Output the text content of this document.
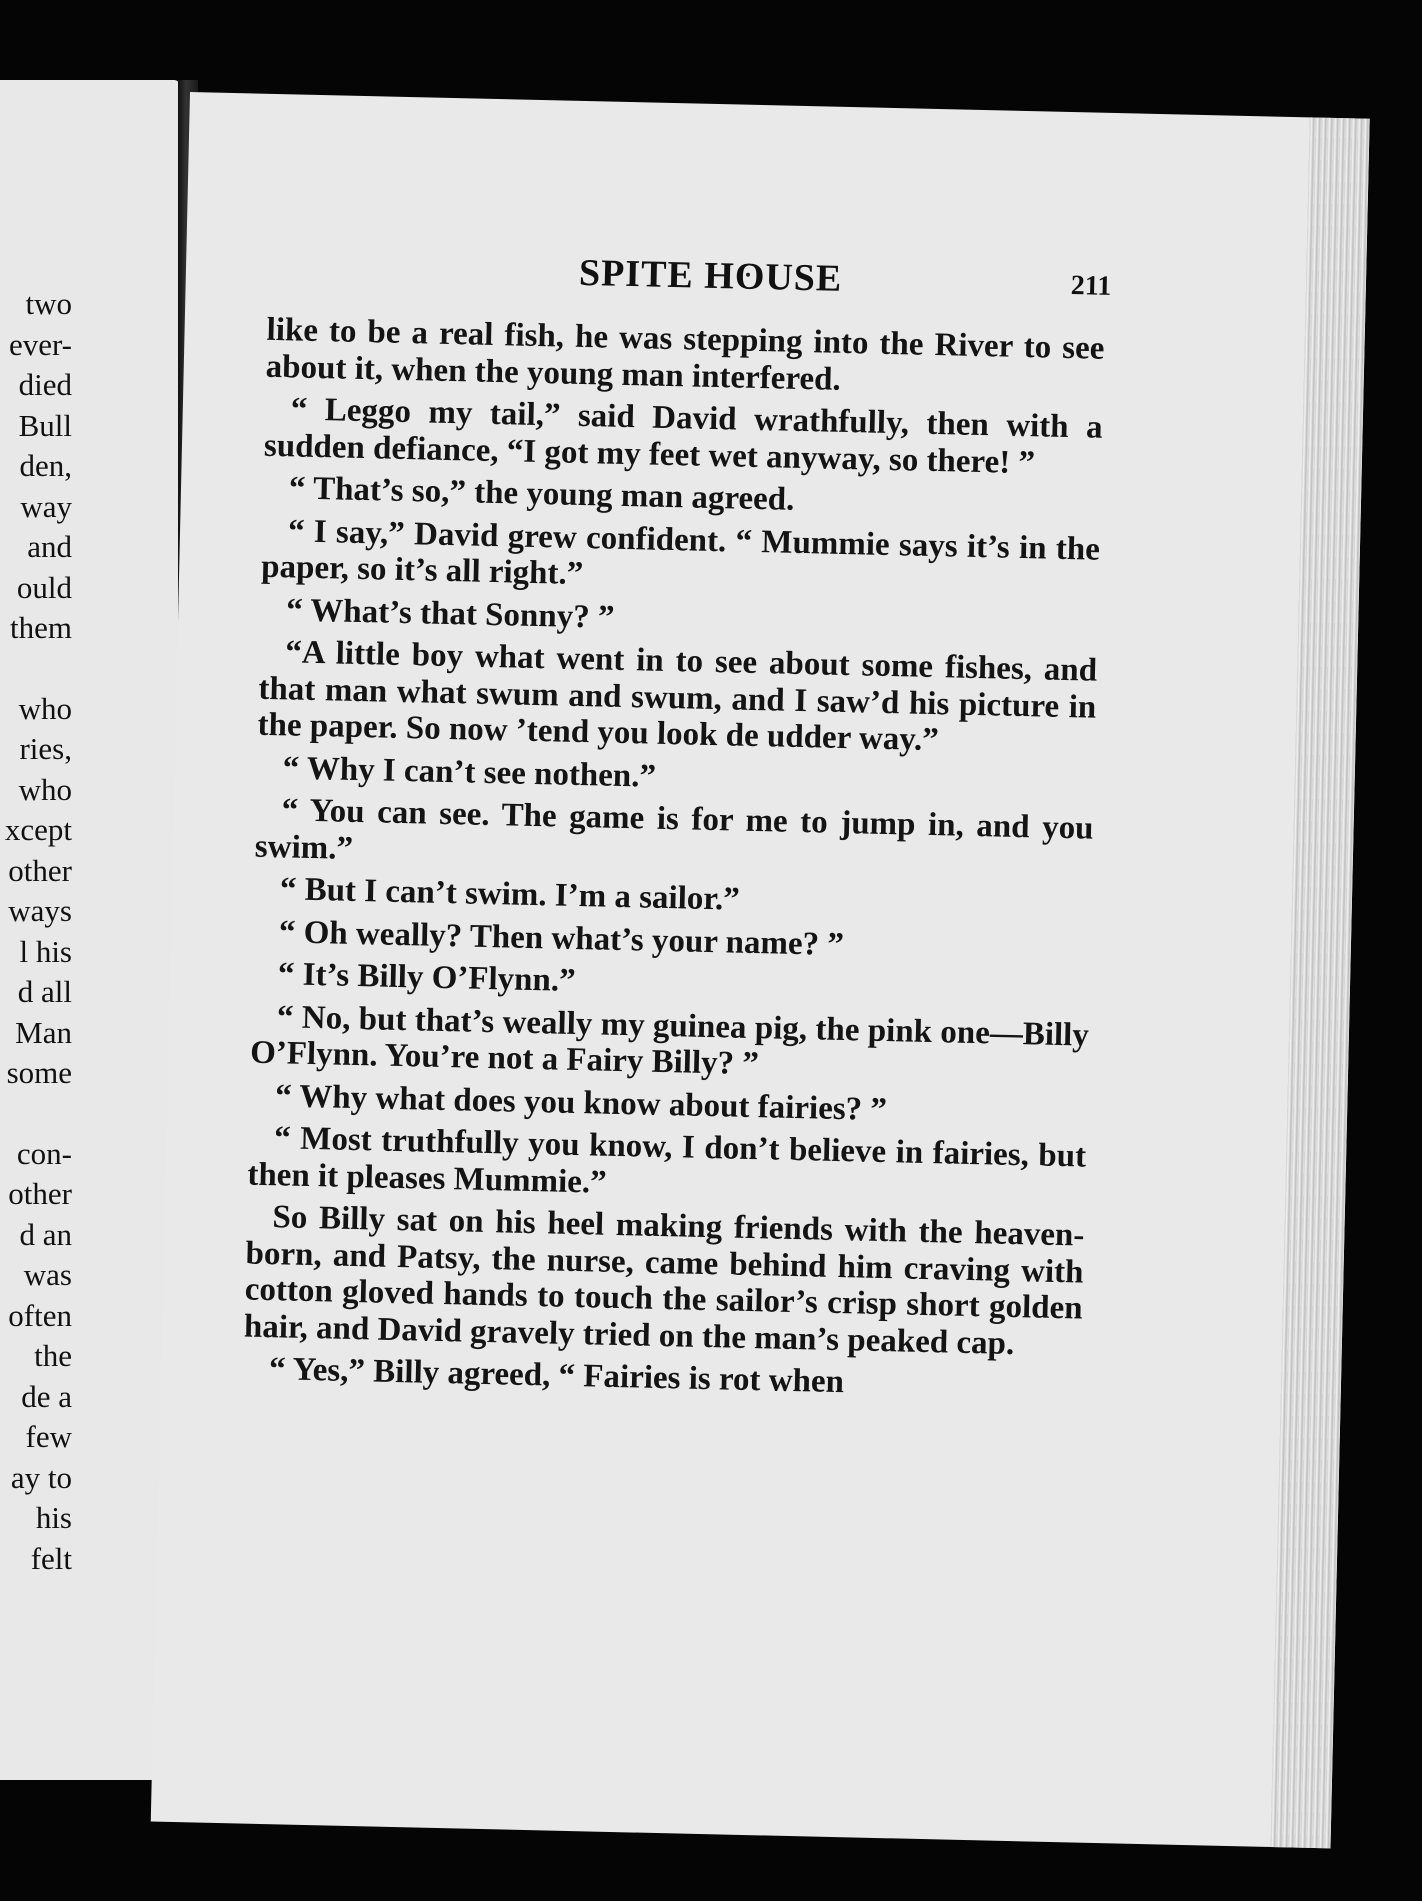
two
ever-
died
Bull
den,
way
and
ould
them
who
ries,
who
xcept
other
ways
l his
d all
Man
some
con-
other
d an
was
often
the
de a
few
ay to
his
felt
SPITE HOUSE	211

like to be a real fish, he was stepping into the River to see about it, when the young man interfered.

“ Leggo my tail,” said David wrathfully, then with a sudden defiance, “I got my feet wet anyway, so there! ”

“ That’s so,” the young man agreed.

“ I say,” David grew confident. “ Mummie says it’s in the paper, so it’s all right.”

“ What’s that Sonny? ”

“A little boy what went in to see about some fishes, and that man what swum and swum, and I saw’d his picture in the paper. So now ’tend you look de udder way.”

“ Why I can’t see nothen.”

“ You can see. The game is for me to jump in, and you swim.”

“ But I can’t swim. I’m a sailor.”

“ Oh weally? Then what’s your name? ”

“ It’s Billy O’Flynn.”

“ No, but that’s weally my guinea pig, the pink one—Billy O’Flynn. You’re not a Fairy Billy? ”

“ Why what does you know about fairies? ”

“ Most truthfully you know, I don’t believe in fairies, but then it pleases Mummie.”

So Billy sat on his heel making friends with the heaven-born, and Patsy, the nurse, came behind him craving with cotton gloved hands to touch the sailor’s crisp short golden hair, and David gravely tried on the man’s peaked cap.

“ Yes,” Billy agreed, “ Fairies is rot when
